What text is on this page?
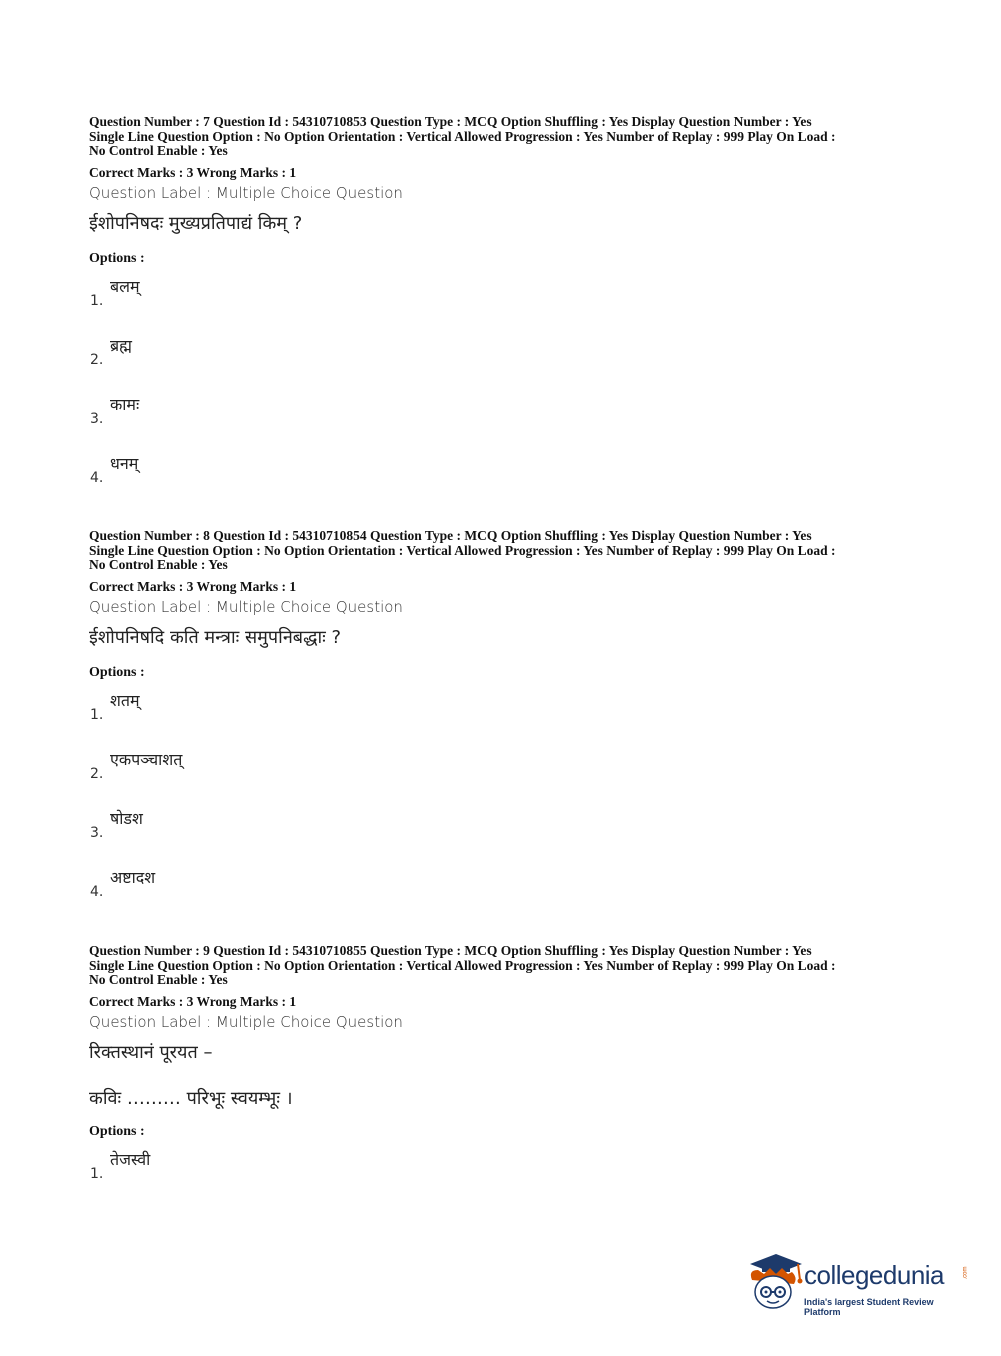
Question Number : 7 Question Id : 54310710853 Question Type : MCQ Option Shuffling : Yes Display Question Number : Yes

Single Line Question Option : No Option Orientation : Vertical Allowed Progression : Yes Number of Replay : 999 Play On Load :

No Control Enable : Yes

Correct Marks : 3 Wrong Marks : 1
Question Label : Multiple Choice Question
ईशोपनिषदः मुख्यप्रतिपाद्यं किम् ?
Options :
1.
बलम्
2.
ब्रह्म
3.
कामः
4.
धनम्

Question Number : 8 Question Id : 54310710854 Question Type : MCQ Option Shuffling : Yes Display Question Number : Yes

Single Line Question Option : No Option Orientation : Vertical Allowed Progression : Yes Number of Replay : 999 Play On Load :

No Control Enable : Yes

Correct Marks : 3 Wrong Marks : 1
Question Label : Multiple Choice Question
ईशोपनिषदि कति मन्त्राः समुपनिबद्धाः ?
Options :
1.
शतम्
2.
एकपञ्चाशत्
3.
षोडश
4.
अष्टादश

Question Number : 9 Question Id : 54310710855 Question Type : MCQ Option Shuffling : Yes Display Question Number : Yes

Single Line Question Option : No Option Orientation : Vertical Allowed Progression : Yes Number of Replay : 999 Play On Load :

No Control Enable : Yes

Correct Marks : 3 Wrong Marks : 1
Question Label : Multiple Choice Question
रिक्तस्थानं पूरयत –
कविः ……… परिभूः स्वयम्भूः ।
Options :
1.
तेजस्वी
collegedunia	.com
India's largest Student Review Platform
